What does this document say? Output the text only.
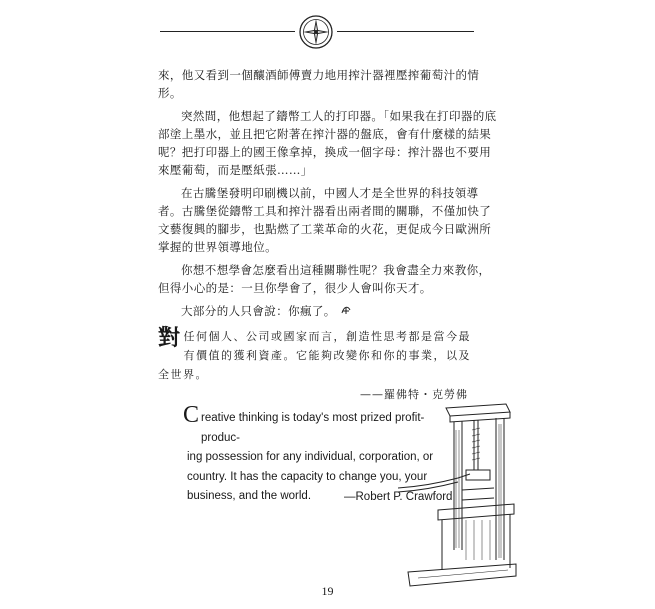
來，他又看到一個釀酒師傅賣力地用搾汁器裡壓搾葡萄汁的情形。

突然間，他想起了鑄幣工人的打印器。「如果我在打印器的底部塗上墨水，並且把它附著在搾汁器的盤底，會有什麼樣的結果呢？把打印器上的國王像拿掉，換成一個字母：搾汁器也不要用來壓葡萄，而是壓紙張……」

在古騰堡發明印刷機以前，中國人才是全世界的科技領導者。古騰堡從鑄幣工具和搾汁器看出兩者間的關聯，不僅加快了文藝復興的腳步，也點燃了工業革命的火花，更促成今日歐洲所掌握的世界領導地位。

你想不想學會怎麼看出這種關聯性呢？我會盡全力來教你，但得小心的是：一旦你學會了，很少人會叫你天才。

大部分的人只會說：你瘋了。

對任何個人、公司或國家而言，創造性思考都是當今最有價值的獲利資產。它能夠改變你和你的事業，以及全世界。
——羅佛特・克勞佛
C reative thinking is today's most prized profit-produc-
ing possession for any individual, corporation, or
country. It has the capacity to change you, your
business, and the world.	—Robert P. Crawford
19
